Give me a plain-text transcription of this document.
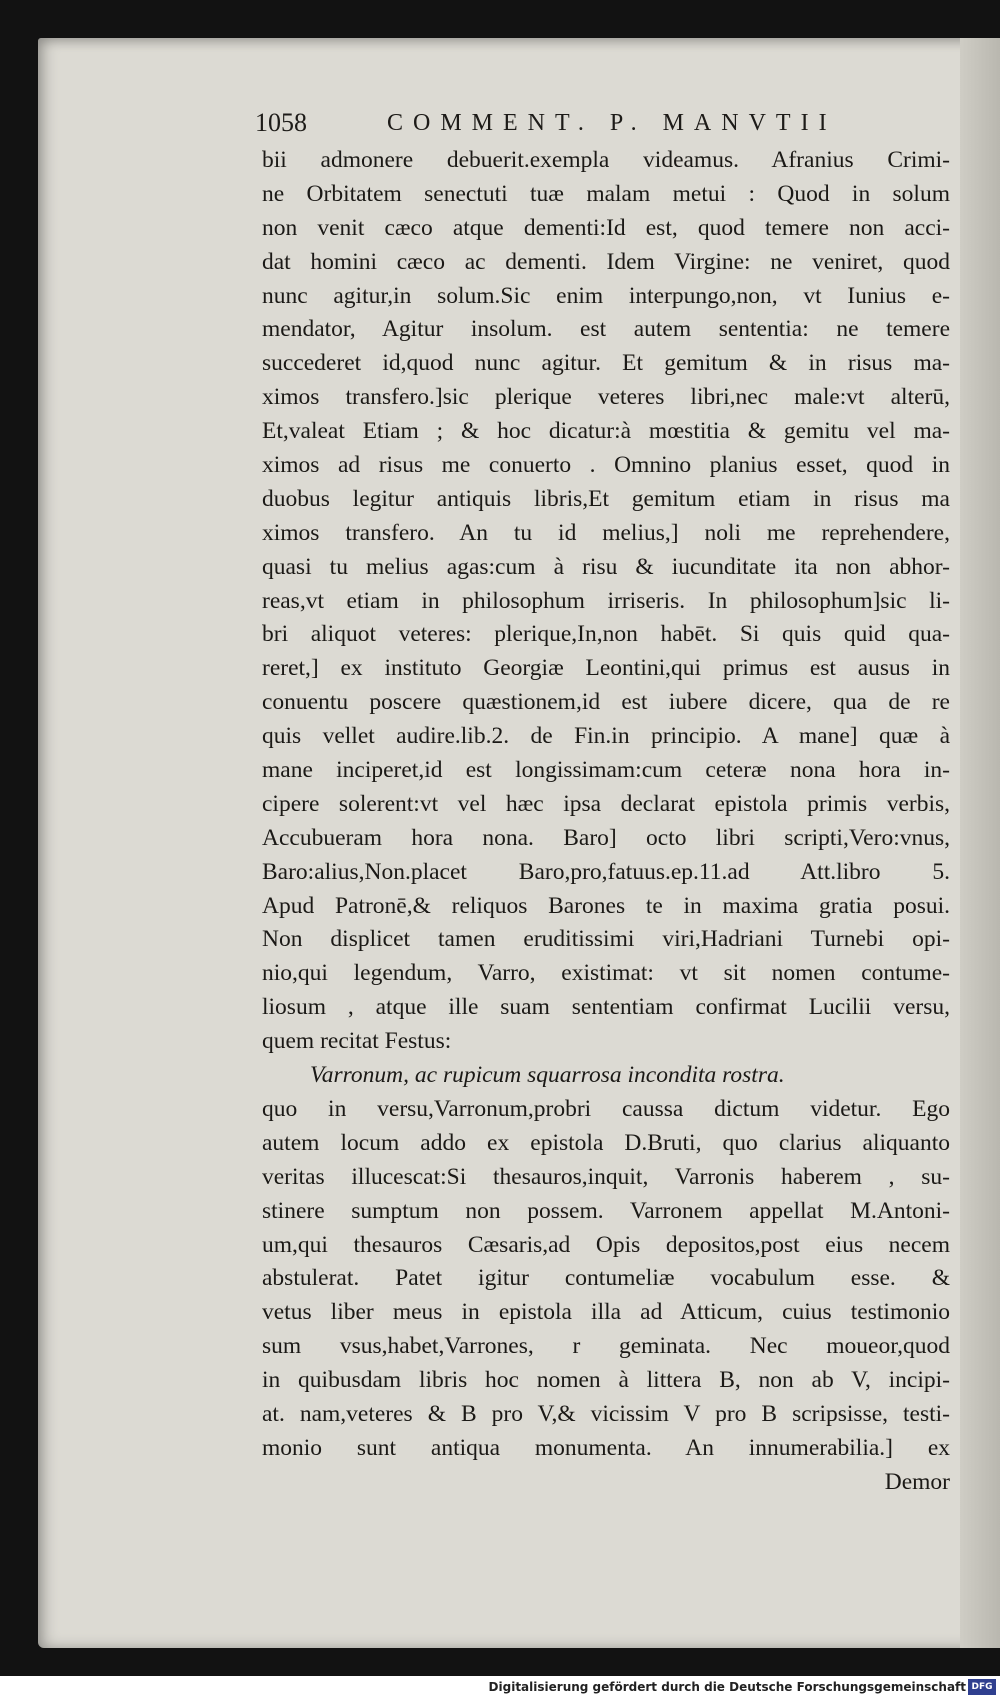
1058	COMMENT. P. MANVTII
bii admonere debuerit.exempla videamus. Afranius Crimi-
ne Orbitatem senectuti tuæ malam metui : Quod in solum
non venit cæco atque dementi:Id est, quod temere non acci-
dat homini cæco ac dementi. Idem Virgine: ne veniret, quod
nunc agitur,in solum.Sic enim interpungo,non, vt Iunius e-
mendator, Agitur insolum. est autem sententia: ne temere
succederet id,quod nunc agitur. Et gemitum & in risus ma-
ximos transfero.]sic plerique veteres libri,nec male:vt alterū,
Et,valeat Etiam ; & hoc dicatur:à mœstitia & gemitu vel ma-
ximos ad risus me conuerto . Omnino planius esset, quod in
duobus legitur antiquis libris,Et gemitum etiam in risus ma
ximos transfero. An tu id melius,] noli me reprehendere,
quasi tu melius agas:cum à risu & iucunditate ita non abhor-
reas,vt etiam in philosophum irriseris. In philosophum]sic li-
bri aliquot veteres: plerique,In,non habēt. Si quis quid qua-
reret,] ex instituto Georgiæ Leontini,qui primus est ausus in
conuentu poscere quæstionem,id est iubere dicere, qua de re
quis vellet audire.lib.2. de Fin.in principio. A mane] quæ à
mane inciperet,id est longissimam:cum ceteræ nona hora in-
cipere solerent:vt vel hæc ipsa declarat epistola primis verbis,
Accubueram hora nona. Baro] octo libri scripti,Vero:vnus,
Baro:alius,Non.placet Baro,pro,fatuus.ep.11.ad Att.libro 5.
Apud Patronē,& reliquos Barones te in maxima gratia posui.
Non displicet tamen eruditissimi viri,Hadriani Turnebi opi-
nio,qui legendum, Varro, existimat: vt sit nomen contume-
liosum , atque ille suam sententiam confirmat Lucilii versu,
quem recitat Festus:
Varronum, ac rupicum squarrosa incondita rostra.
quo in versu,Varronum,probri caussa dictum videtur. Ego
autem locum addo ex epistola D.Bruti, quo clarius aliquanto
veritas illucescat:Si thesauros,inquit, Varronis haberem , su-
stinere sumptum non possem. Varronem appellat M.Antoni-
um,qui thesauros Cæsaris,ad Opis depositos,post eius necem
abstulerat. Patet igitur contumeliæ vocabulum esse. &
vetus liber meus in epistola illa ad Atticum, cuius testimonio
sum vsus,habet,Varrones, r geminata. Nec moueor,quod
in quibusdam libris hoc nomen à littera B, non ab V, incipi-
at. nam,veteres & B pro V,& vicissim V pro B scripsisse, testi-
monio sunt antiqua monumenta. An innumerabilia.] ex
Demor
Digitalisierung gefördert durch die Deutsche Forschungsgemeinschaft DFG
